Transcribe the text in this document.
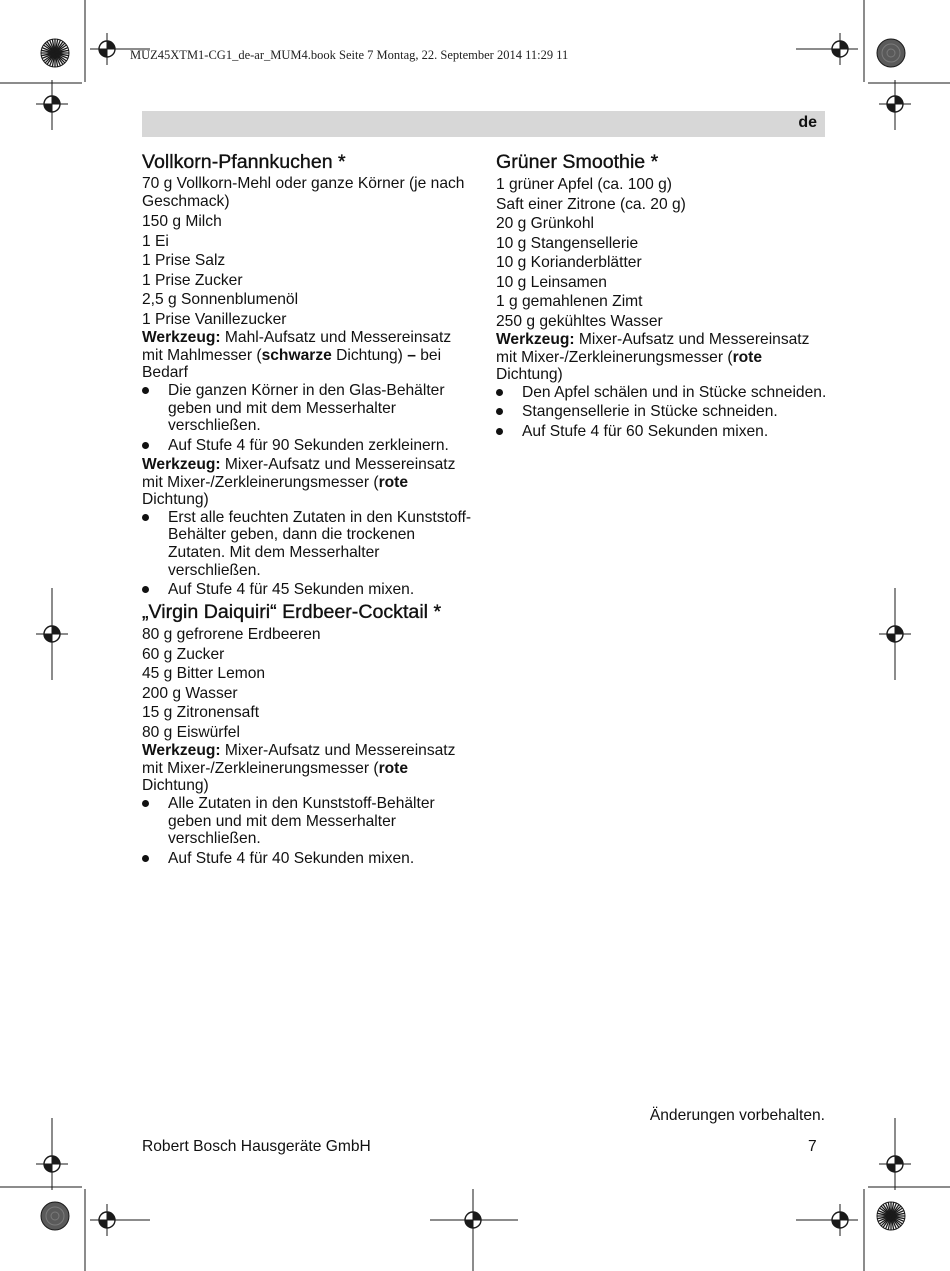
MUZ45XTM1-CG1_de-ar_MUM4.book Seite 7 Montag, 22. September 2014 11:29 11
de
Vollkorn-Pfannkuchen *

70 g Vollkorn-Mehl oder ganze Körner (je nach Geschmack)

150 g Milch

1 Ei

1 Prise Salz

1 Prise Zucker

2,5 g Sonnenblumenöl

1 Prise Vanillezucker

Werkzeug: Mahl-Aufsatz und Messereinsatz mit Mahlmesser (schwarze Dichtung) – bei Bedarf

Die ganzen Körner in den Glas-Behälter geben und mit dem Messerhalter verschließen.
Auf Stufe 4 für 90 Sekunden zerkleinern.

Werkzeug: Mixer-Aufsatz und Messereinsatz mit Mixer-/Zerkleinerungsmesser (rote Dichtung)

Erst alle feuchten Zutaten in den Kunststoff-Behälter geben, dann die trockenen Zutaten. Mit dem Messerhalter verschließen.
Auf Stufe 4 für 45 Sekunden mixen.
„Virgin Daiquiri“ Erdbeer-Cocktail *

80 g gefrorene Erdbeeren

60 g Zucker

45 g Bitter Lemon

200 g Wasser

15 g Zitronensaft

80 g Eiswürfel

Werkzeug: Mixer-Aufsatz und Messereinsatz mit Mixer-/Zerkleinerungsmesser (rote Dichtung)

Alle Zutaten in den Kunststoff-Behälter geben und mit dem Messerhalter verschließen.
Auf Stufe 4 für 40 Sekunden mixen.
Grüner Smoothie *

1 grüner Apfel (ca. 100 g)

Saft einer Zitrone (ca. 20 g)

20 g Grünkohl

10 g Stangensellerie

10 g Korianderblätter

10 g Leinsamen

1 g gemahlenen Zimt

250 g gekühltes Wasser

Werkzeug: Mixer-Aufsatz und Messereinsatz mit Mixer-/Zerkleinerungsmesser (rote Dichtung)

Den Apfel schälen und in Stücke schneiden.
Stangensellerie in Stücke schneiden.
Auf Stufe 4 für 60 Sekunden mixen.
Änderungen vorbehalten.
Robert Bosch Hausgeräte GmbH	7
